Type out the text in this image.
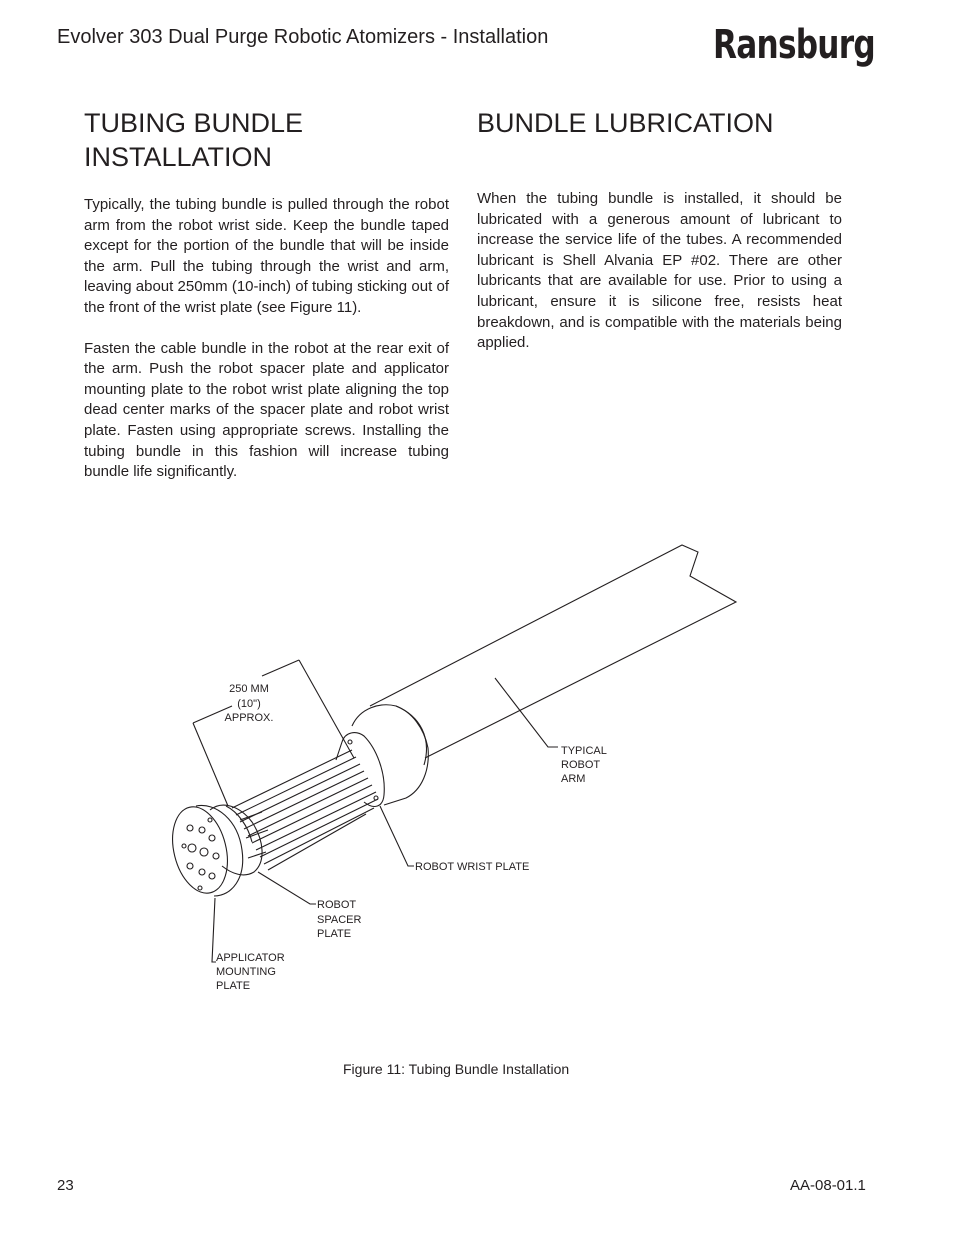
Evolver 303 Dual Purge Robotic Atomizers - Installation	Ransburg
TUBING BUNDLE
INSTALLATION

Typically, the tubing bundle is pulled through the robot arm from the robot wrist side. Keep the bundle taped except for the portion of the bundle that will be inside the arm. Pull the tubing through the wrist and arm, leaving about 250mm (10-inch) of tubing sticking out of the front of the wrist plate (see Figure 11).

Fasten the cable bundle in the robot at the rear exit of the arm. Push the robot spacer plate and applicator mounting plate to the robot wrist plate aligning the top dead center marks of the spacer plate and robot wrist plate. Fasten using appropriate screws. Installing the tubing bundle in this fashion will increase tubing bundle life significantly.

BUNDLE LUBRICATION

When the tubing bundle is installed, it should be lubricated with a generous amount of lubricant to increase the service life of the tubes. A recommended lubricant is Shell Alvania EP #02. There are other lubricants that are available for use. Prior to using a lubricant, ensure it is silicone free, resists heat breakdown, and is compatible with the materials being applied.

250 MM
(10")
APPROX.
TYPICAL
ROBOT
ARM
ROBOT WRIST PLATE
ROBOT
SPACER
PLATE
APPLICATOR
MOUNTING
PLATE
Figure 11: Tubing Bundle Installation
23	AA-08-01.1
